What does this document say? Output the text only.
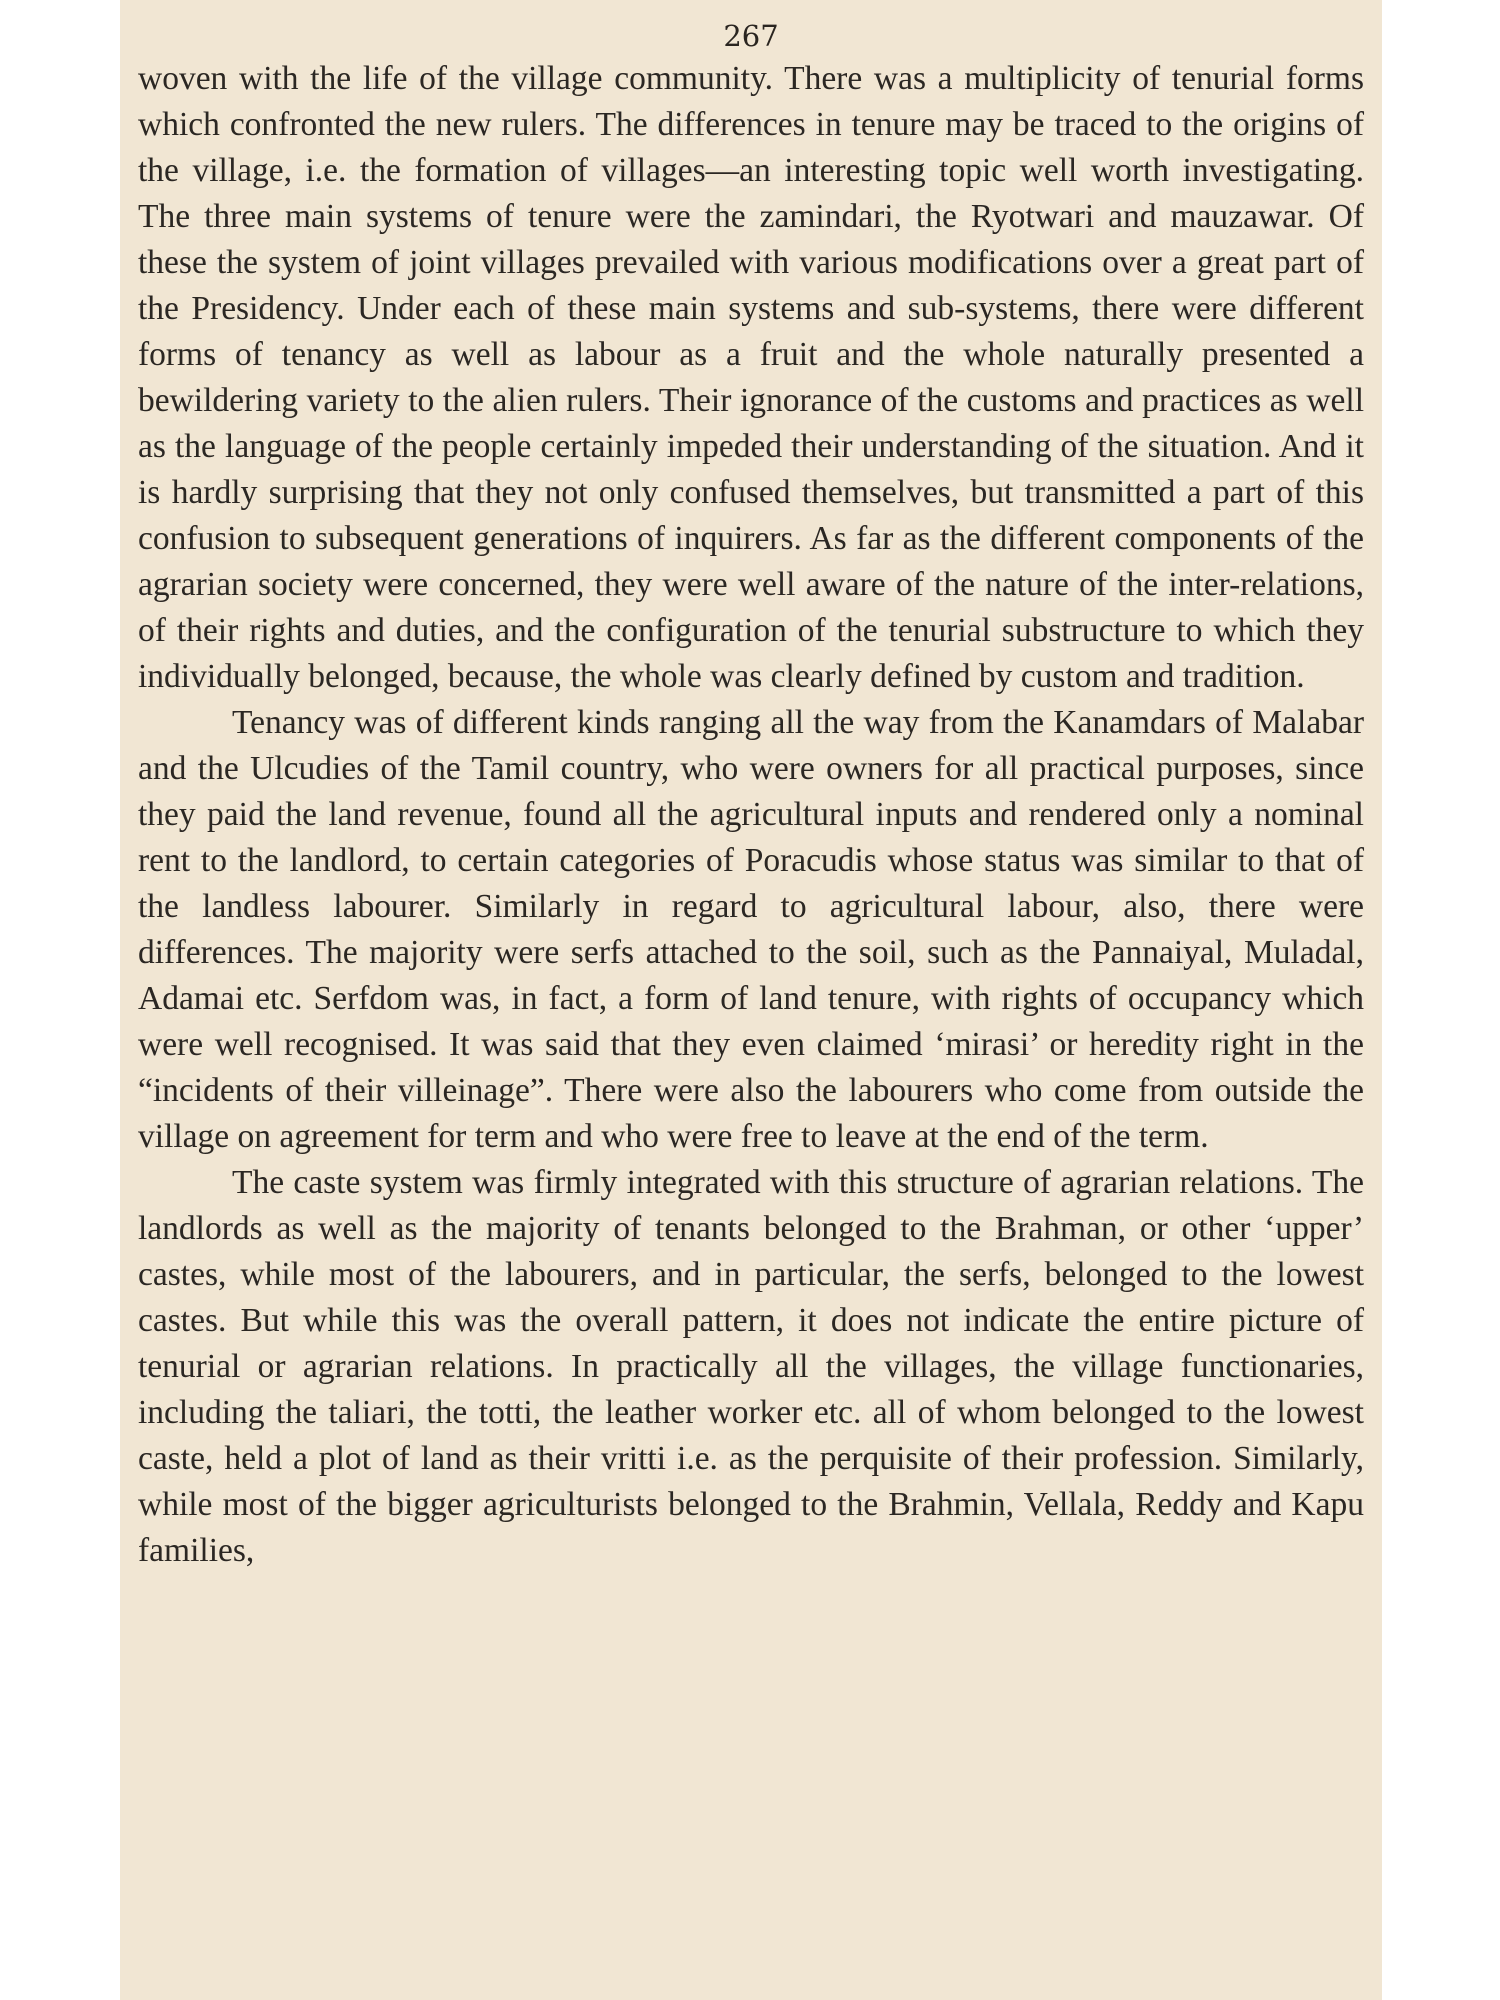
267

woven with the life of the village community. There was a multiplicity of tenurial forms which confronted the new rulers. The differences in tenure may be traced to the origins of the village, i.e. the formation of villages—an interesting topic well worth investigating. The three main systems of tenure were the zamindari, the Ryotwari and mauzawar. Of these the system of joint villages prevailed with various modifications over a great part of the Presidency. Under each of these main systems and sub-systems, there were different forms of tenancy as well as labour as a fruit and the whole naturally presented a bewildering variety to the alien rulers. Their ignorance of the customs and practices as well as the language of the people certainly impeded their understanding of the situation. And it is hardly surprising that they not only confused themselves, but transmitted a part of this confusion to subsequent generations of inquirers. As far as the different components of the agrarian society were concerned, they were well aware of the nature of the inter-relations, of their rights and duties, and the configuration of the tenurial substructure to which they individually belonged, because, the whole was clearly defined by custom and tradition.

Tenancy was of different kinds ranging all the way from the Kanamdars of Malabar and the Ulcudies of the Tamil country, who were owners for all practical purposes, since they paid the land revenue, found all the agricultural inputs and rendered only a nominal rent to the landlord, to certain categories of Poracudis whose status was similar to that of the landless labourer. Similarly in regard to agricultural labour, also, there were differences. The majority were serfs attached to the soil, such as the Pannaiyal, Muladal, Adamai etc. Serfdom was, in fact, a form of land tenure, with rights of occupancy which were well recognised. It was said that they even claimed ‘mirasi’ or heredity right in the “incidents of their villeinage”. There were also the labourers who come from outside the village on agreement for term and who were free to leave at the end of the term.

The caste system was firmly integrated with this structure of agrarian relations. The landlords as well as the majority of tenants belonged to the Brahman, or other ‘upper’ castes, while most of the labourers, and in particular, the serfs, belonged to the lowest castes. But while this was the overall pattern, it does not indicate the entire picture of tenurial or agrarian relations. In practically all the villages, the village functionaries, including the taliari, the totti, the leather worker etc. all of whom belonged to the lowest caste, held a plot of land as their vritti i.e. as the perquisite of their profession. Similarly, while most of the bigger agriculturists belonged to the Brahmin, Vellala, Reddy and Kapu families,
